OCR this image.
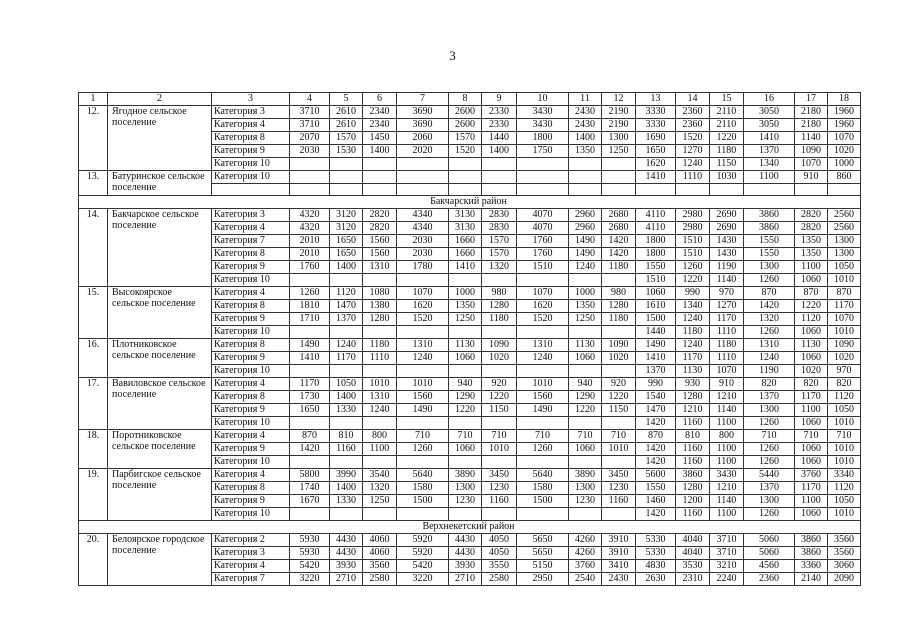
3
1	2	3	4	5	6	7	8	9	10	11	12	13	14	15	16	17	18
12.	Ягодное сельское поселение	Категория 3	3710	2610	2340	3690	2600	2330	3430	2430	2190	3330	2360	2110	3050	2180	1960
		Категория 4	3710	2610	2340	3690	2600	2330	3430	2430	2190	3330	2360	2110	3050	2180	1960
		Категория 8	2070	1570	1450	2060	1570	1440	1800	1400	1300	1690	1520	1220	1410	1140	1070
		Категория 9	2030	1530	1400	2020	1520	1400	1750	1350	1250	1650	1270	1180	1370	1090	1020
		Категория 10										1620	1240	1150	1340	1070	1000
13.	Батуринское сельское поселение	Категория 10										1410	1110	1030	1100	910	860

Бакчарский район																	
14.	Бакчарское сельское поселение	Категория 3	4320	3120	2820	4340	3130	2830	4070	2960	2680	4110	2980	2690	3860	2820	2560
		Категория 4	4320	3120	2820	4340	3130	2830	4070	2960	2680	4110	2980	2690	3860	2820	2560
		Категория 7	2010	1650	1560	2030	1660	1570	1760	1490	1420	1800	1510	1430	1550	1350	1300
		Категория 8	2010	1650	1560	2030	1660	1570	1760	1490	1420	1800	1510	1430	1550	1350	1300
		Категория 9	1760	1400	1310	1780	1410	1320	1510	1240	1180	1550	1260	1190	1300	1100	1050
		Категория 10										1510	1220	1140	1260	1060	1010
15.	Высокоярское сельское поселение	Категория 4	1260	1120	1080	1070	1000	980	1070	1000	980	1060	990	970	870	870	870
		Категория 8	1810	1470	1380	1620	1350	1280	1620	1350	1280	1610	1340	1270	1420	1220	1170
		Категория 9	1710	1370	1280	1520	1250	1180	1520	1250	1180	1500	1240	1170	1320	1120	1070
		Категория 10										1440	1180	1110	1260	1060	1010
16.	Плотниковское сельское поселение	Категория 8	1490	1240	1180	1310	1130	1090	1310	1130	1090	1490	1240	1180	1310	1130	1090
		Категория 9	1410	1170	1110	1240	1060	1020	1240	1060	1020	1410	1170	1110	1240	1060	1020
		Категория 10										1370	1130	1070	1190	1020	970
17.	Вавиловское сельское поселение	Категория 4	1170	1050	1010	1010	940	920	1010	940	920	990	930	910	820	820	820
		Категория 8	1730	1400	1310	1560	1290	1220	1560	1290	1220	1540	1280	1210	1370	1170	1120
		Категория 9	1650	1330	1240	1490	1220	1150	1490	1220	1150	1470	1210	1140	1300	1100	1050
		Категория 10										1420	1160	1100	1260	1060	1010
18.	Поротниковское сельское поселение	Категория 4	870	810	800	710	710	710	710	710	710	870	810	800	710	710	710
		Категория 9	1420	1160	1100	1260	1060	1010	1260	1060	1010	1420	1160	1100	1260	1060	1010
		Категория 10										1420	1160	1100	1260	1060	1010
19.	Парбигское сельское поселение	Категория 4	5800	3990	3540	5640	3890	3450	5640	3890	3450	5600	3860	3430	5440	3760	3340
		Категория 8	1740	1400	1320	1580	1300	1230	1580	1300	1230	1550	1280	1210	1370	1170	1120
		Категория 9	1670	1330	1250	1500	1230	1160	1500	1230	1160	1460	1200	1140	1300	1100	1050
		Категория 10										1420	1160	1100	1260	1060	1010
Верхнекетский район																	
20.	Белоярское городское поселение	Категория 2	5930	4430	4060	5920	4430	4050	5650	4260	3910	5330	4040	3710	5060	3860	3560
		Категория 3	5930	4430	4060	5920	4430	4050	5650	4260	3910	5330	4040	3710	5060	3860	3560
		Категория 4	5420	3930	3560	5420	3930	3550	5150	3760	3410	4830	3530	3210	4560	3360	3060
		Категория 7	3220	2710	2580	3220	2710	2580	2950	2540	2430	2630	2310	2240	2360	2140	2090
